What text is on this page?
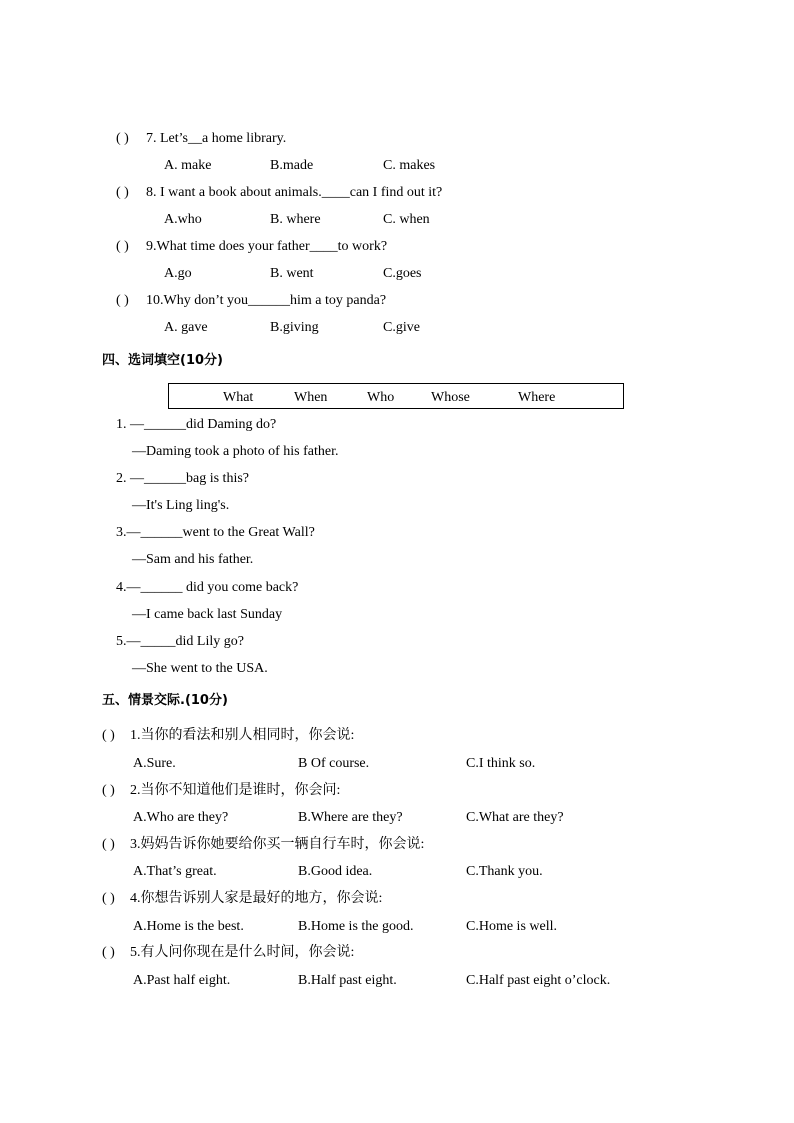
( ) 7. Let’s__a home library.
A. make	B.made	C. makes
( ) 8. I want a book about animals.____can I find out it?
A.who	B. where	C. when
( ) 9.What time does your father____to work?
A.go	B. went	C.goes
( ) 10.Why don’t you______him a toy panda?
A. gave	B.giving	C.give
四、选词填空(10分)
What	When	Who	Whose	Where
1. —______did Daming do?
—Daming took a photo of his father.
2. —______bag is this?
—It's Ling ling's.
3.—______went to the Great Wall?
—Sam and his father.
4.—______ did you come back?
—I came back last Sunday
5.—_____did Lily go?
—She went to the USA.
五、情景交际.(10分)
( ) 1.当你的看法和别人相同时，你会说:
A.Sure.	B Of course.	C.I think so.
( ) 2.当你不知道他们是谁时，你会问:
A.Who are they?	B.Where are they?	C.What are they?
( ) 3.妈妈告诉你她要给你买一辆自行车时，你会说:
A.That’s great.	B.Good idea.	C.Thank you.
( ) 4.你想告诉别人家是最好的地方，你会说:
A.Home is the best.	B.Home is the good.	C.Home is well.
( ) 5.有人问你现在是什么时间，你会说:
A.Past half eight.	B.Half past eight.	C.Half past eight o’clock.
